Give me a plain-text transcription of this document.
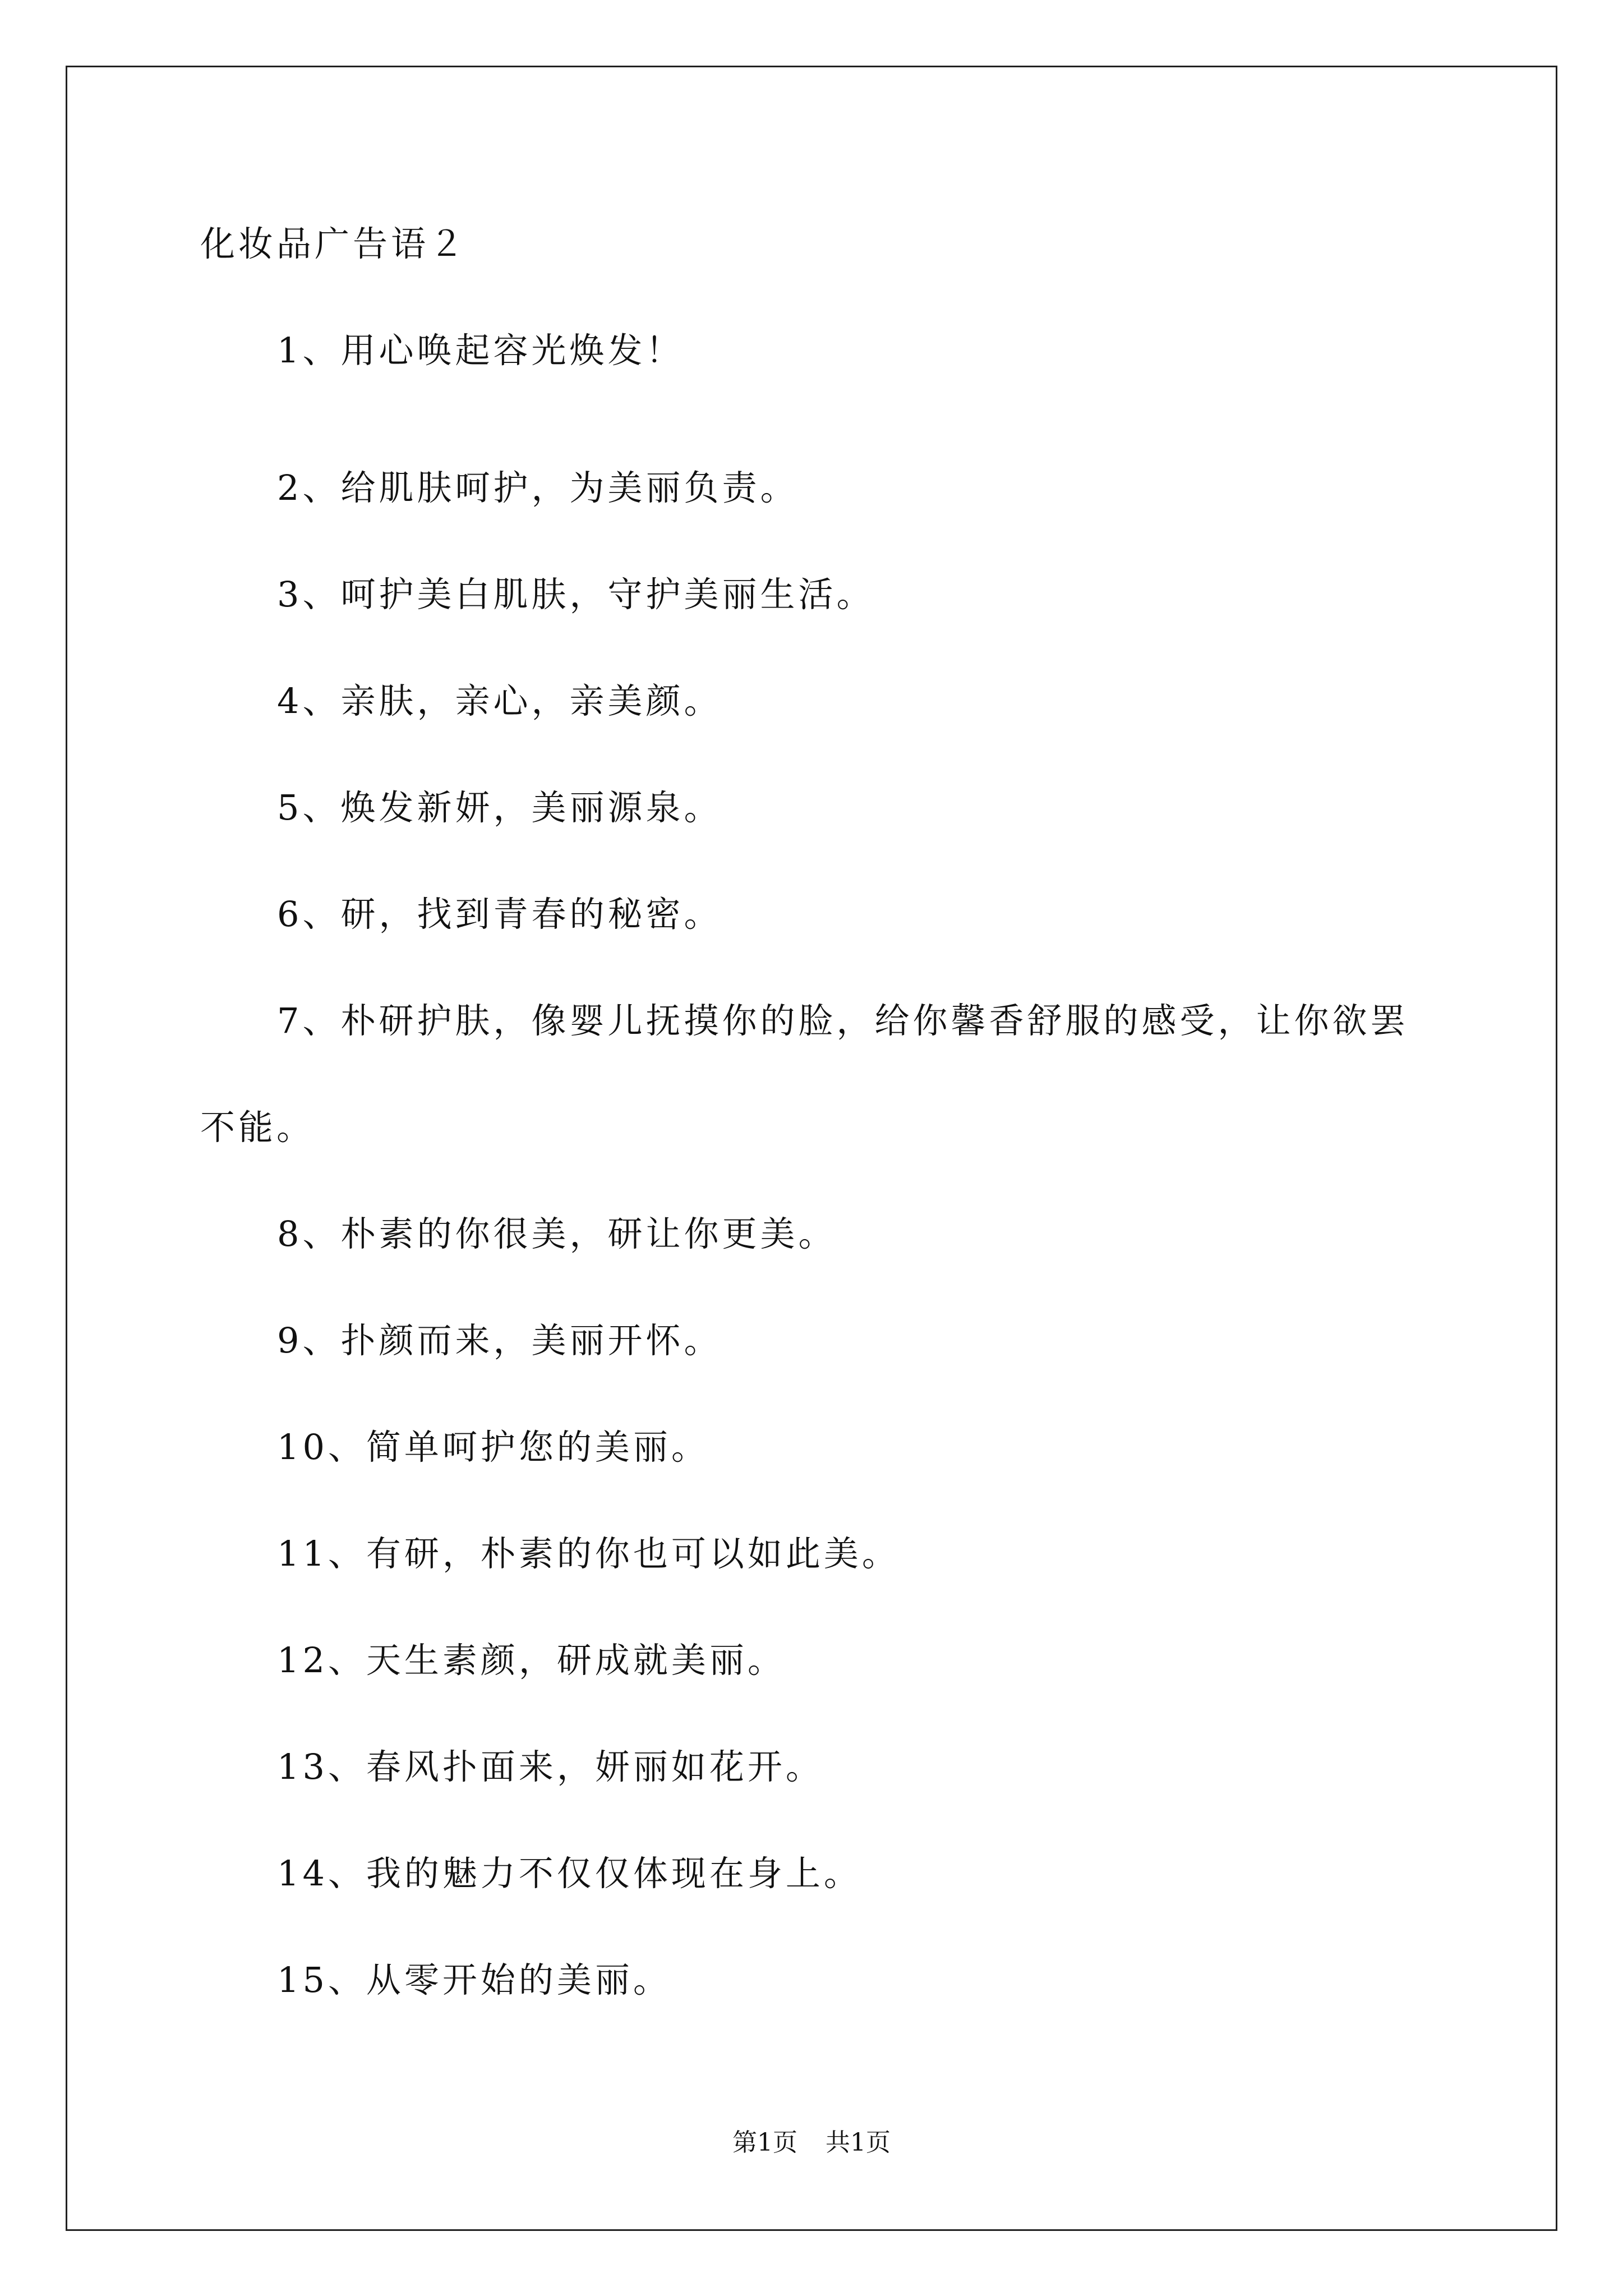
化妆品广告语２
1、用心唤起容光焕发！
2、给肌肤呵护，为美丽负责。
3、呵护美白肌肤，守护美丽生活。
4、亲肤，亲心，亲美颜。
5、焕发新妍，美丽源泉。
6、研，找到青春的秘密。
7、朴研护肤，像婴儿抚摸你的脸，给你馨香舒服的感受，让你欲罢不能。
8、朴素的你很美，研让你更美。
9、扑颜而来，美丽开怀。
10、简单呵护您的美丽。
11、有研，朴素的你也可以如此美。
12、天生素颜，研成就美丽。
13、春风扑面来，妍丽如花开。
14、我的魅力不仅仅体现在身上。
15、从零开始的美丽。
第1页 共1页
